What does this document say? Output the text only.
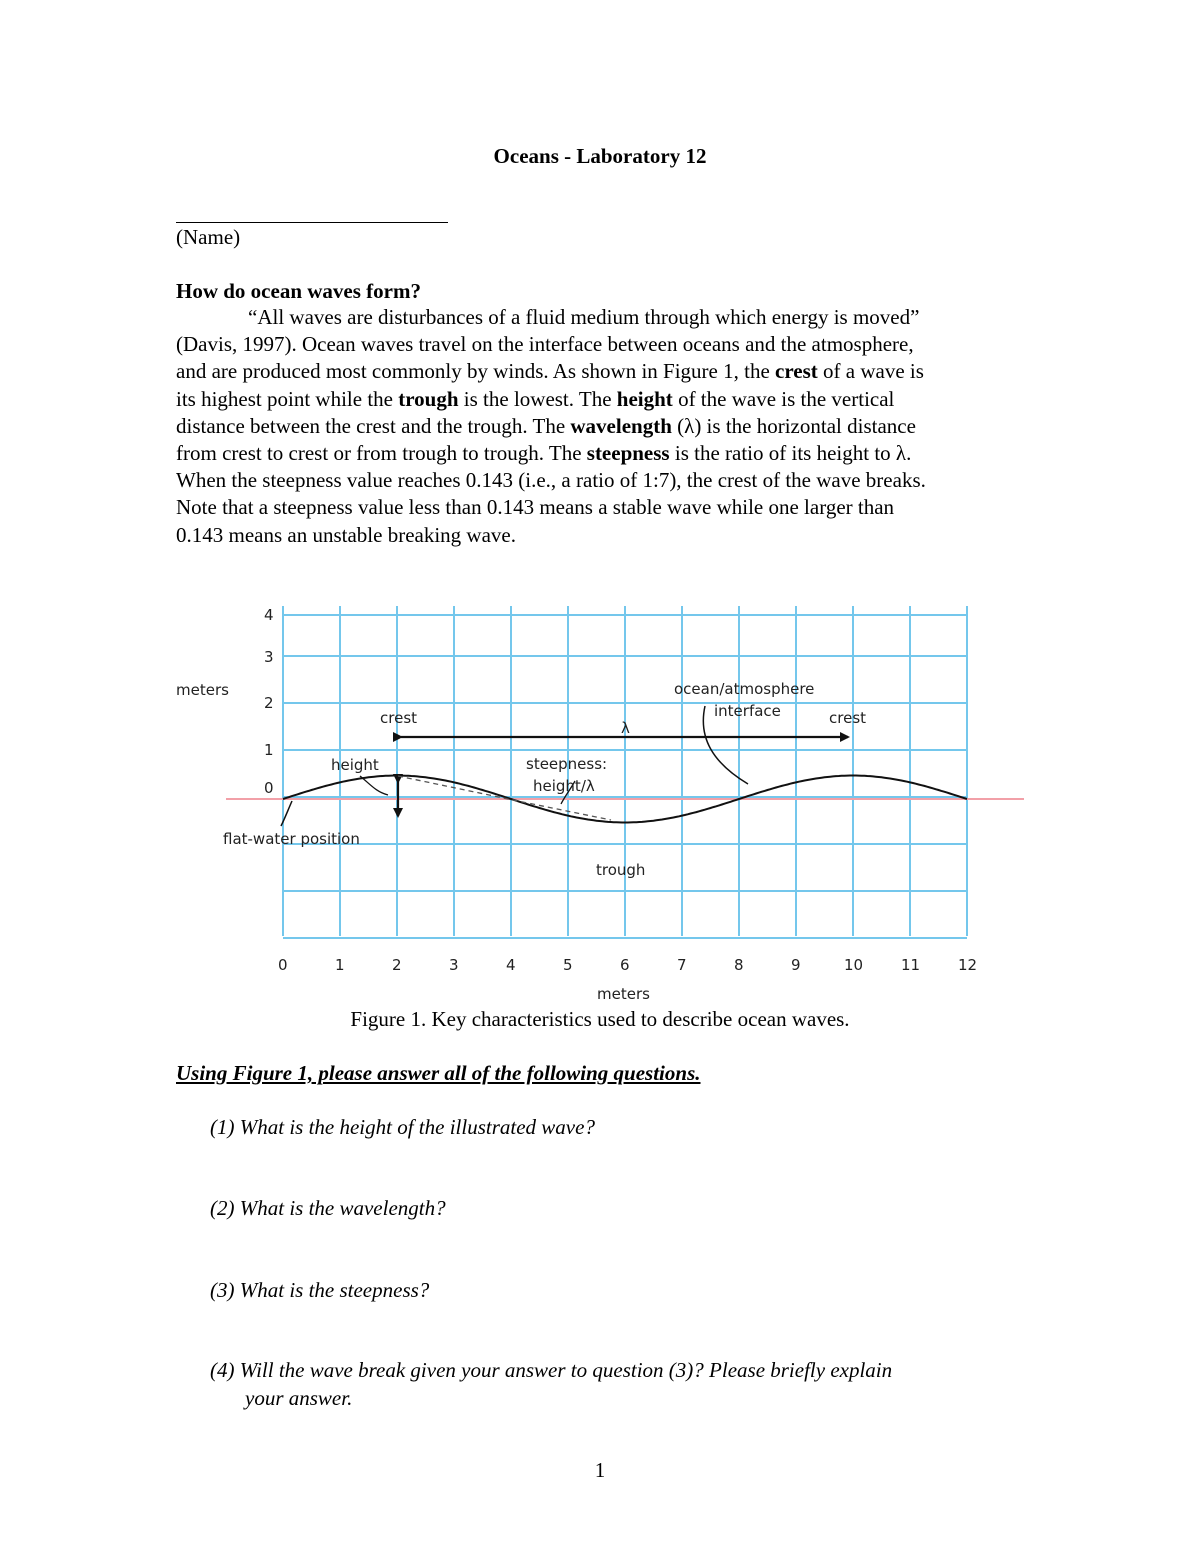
Oceans - Laboratory 12
(Name)
How do ocean waves form?

“All waves are disturbances of a fluid medium through which energy is moved”

(Davis, 1997). Ocean waves travel on the interface between oceans and the atmosphere,

and are produced most commonly by winds. As shown in Figure 1, the crest of a wave is

its highest point while the trough is the lowest. The height of the wave is the vertical

distance between the crest and the trough. The wavelength (λ) is the horizontal distance

from crest to crest or from trough to trough. The steepness is the ratio of its height to λ.

When the steepness value reaches 0.143 (i.e., a ratio of 1:7), the crest of the wave breaks.

Note that a steepness value less than 0.143 means a stable wave while one larger than

0.143 means an unstable breaking wave.

0	1	2	3	4	5	6	7	8	9	10	11	12
4
3
2
1
0
meters
meters
crest	crest
λ
ocean/atmosphere
interface
height	steepness:
height/λ
flat-water position
trough
Figure 1. Key characteristics used to describe ocean waves.
Using Figure 1, please answer all of the following questions.
(1) What is the height of the illustrated wave?
(2) What is the wavelength?
(3) What is the steepness?
(4) Will the wave break given your answer to question (3)? Please briefly explain
your answer.
1
